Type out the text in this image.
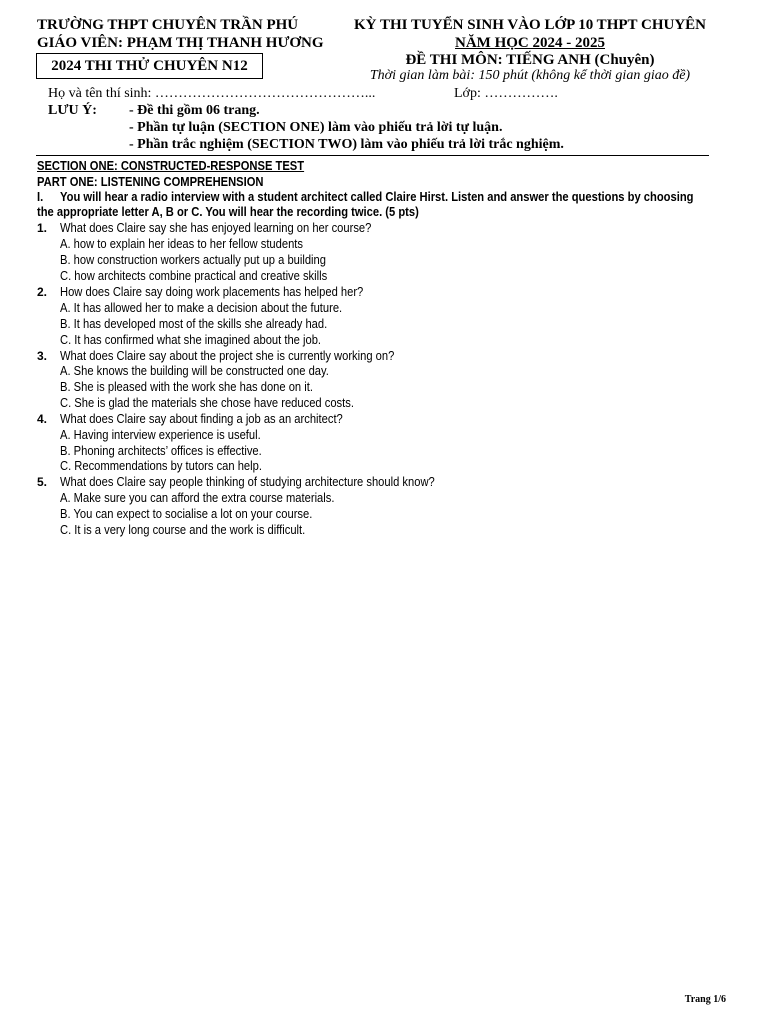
TRƯỜNG THPT CHUYÊN TRẦN PHÚ
GIÁO VIÊN: PHẠM THỊ THANH HƯƠNG
2024 THI THỬ CHUYÊN N12
KỲ THI TUYỂN SINH VÀO LỚP 10 THPT CHUYÊN
NĂM HỌC 2024 - 2025
ĐỀ THI MÔN: TIẾNG ANH (Chuyên)
Thời gian làm bài: 150 phút (không kể thời gian giao đề)
Họ và tên thí sinh: ………………………………………...	Lớp: …………….
LƯU Ý: - Đề thi gồm 06 trang.
- Phần tự luận (SECTION ONE) làm vào phiếu trả lời tự luận.
- Phần trắc nghiệm (SECTION TWO) làm vào phiếu trả lời trắc nghiệm.
SECTION ONE: CONSTRUCTED-RESPONSE TEST
PART ONE: LISTENING COMPREHENSION
I. You will hear a radio interview with a student architect called Claire Hirst. Listen and answer the questions by choosing
the appropriate letter A, B or C. You will hear the recording twice. (5 pts)
1. What does Claire say she has enjoyed learning on her course?
A. how to explain her ideas to her fellow students
B. how construction workers actually put up a building
C. how architects combine practical and creative skills
2. How does Claire say doing work placements has helped her?
A. It has allowed her to make a decision about the future.
B. It has developed most of the skills she already had.
C. It has confirmed what she imagined about the job.
3. What does Claire say about the project she is currently working on?
A. She knows the building will be constructed one day.
B. She is pleased with the work she has done on it.
C. She is glad the materials she chose have reduced costs.
4. What does Claire say about finding a job as an architect?
A. Having interview experience is useful.
B. Phoning architects’ offices is effective.
C. Recommendations by tutors can help.
5. What does Claire say people thinking of studying architecture should know?
A. Make sure you can afford the extra course materials.
B. You can expect to socialise a lot on your course.
C. It is a very long course and the work is difficult.
Trang 1/6
